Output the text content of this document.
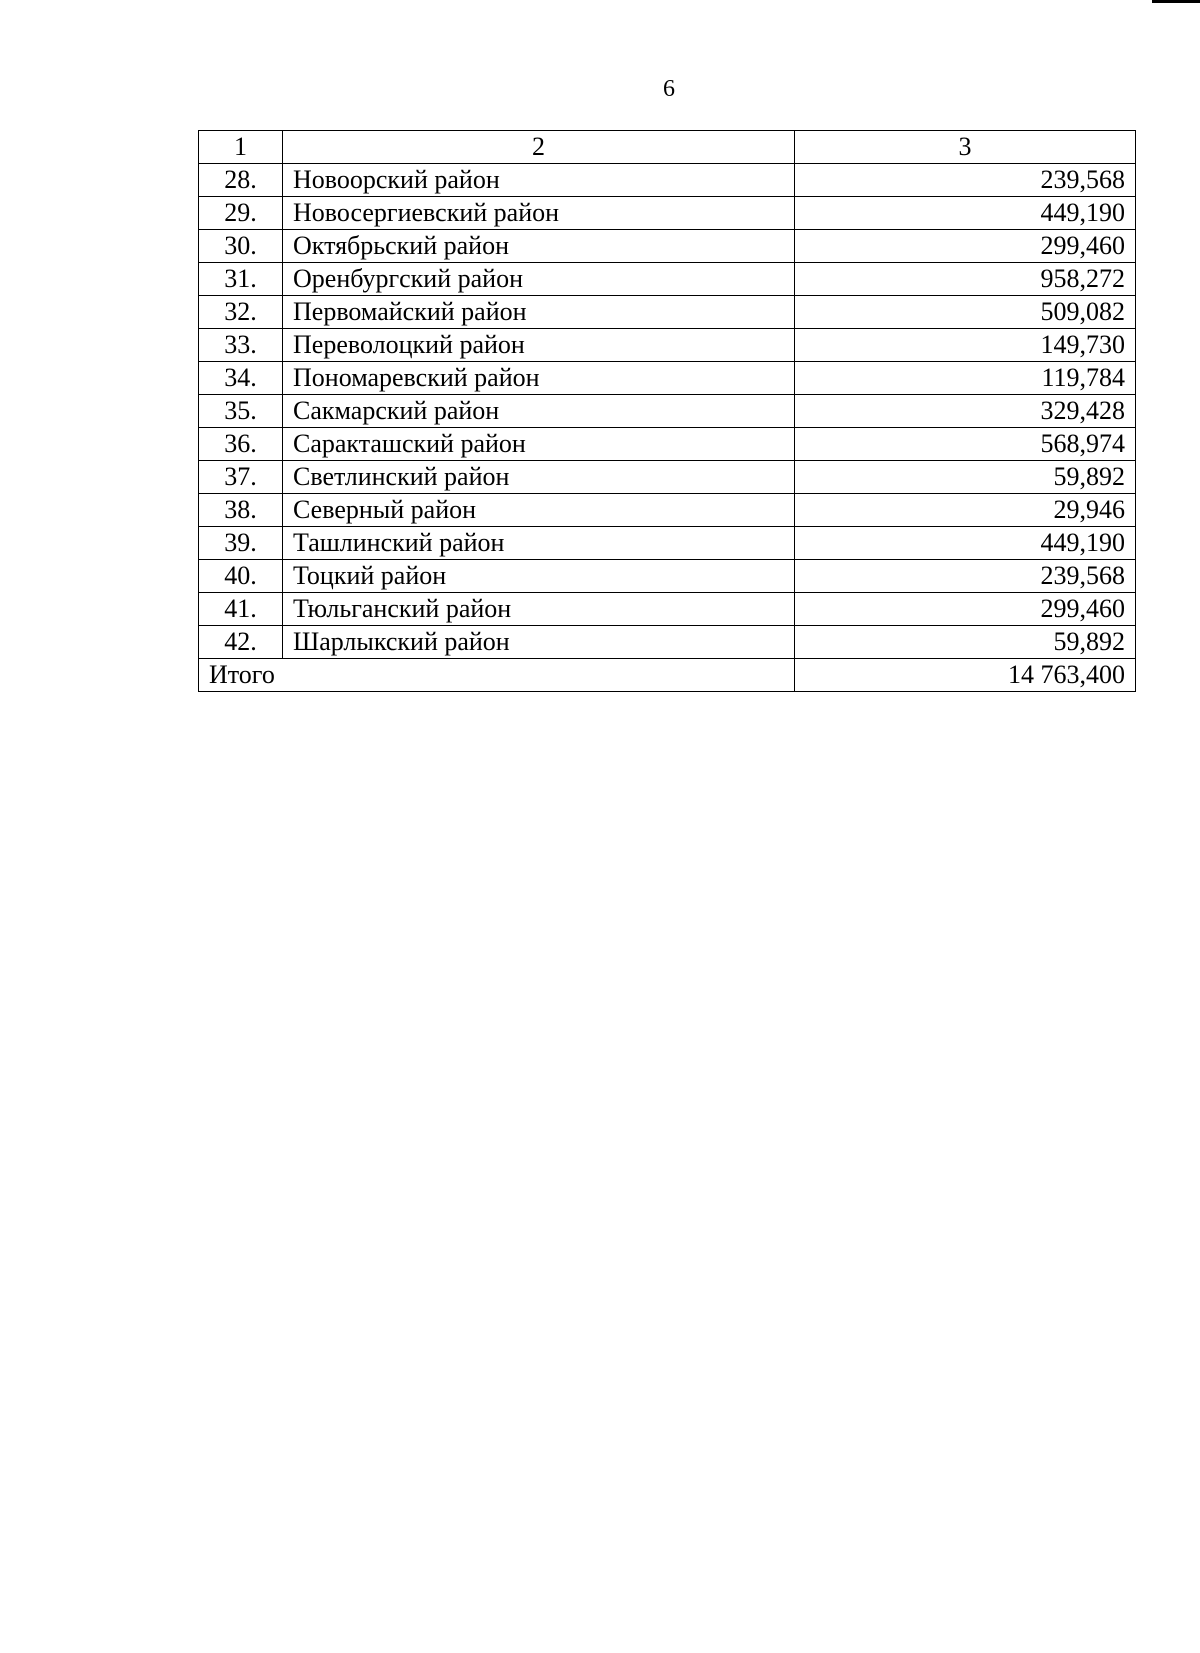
6
1	2	3
28.	Новоорский район	239,568
29.	Новосергиевский район	449,190
30.	Октябрьский район	299,460
31.	Оренбургский район	958,272
32.	Первомайский район	509,082
33.	Переволоцкий район	149,730
34.	Пономаревский район	119,784
35.	Сакмарский район	329,428
36.	Саракташский район	568,974
37.	Светлинский район	59,892
38.	Северный район	29,946
39.	Ташлинский район	449,190
40.	Тоцкий район	239,568
41.	Тюльганский район	299,460
42.	Шарлыкский район	59,892
Итого		14 763,400
